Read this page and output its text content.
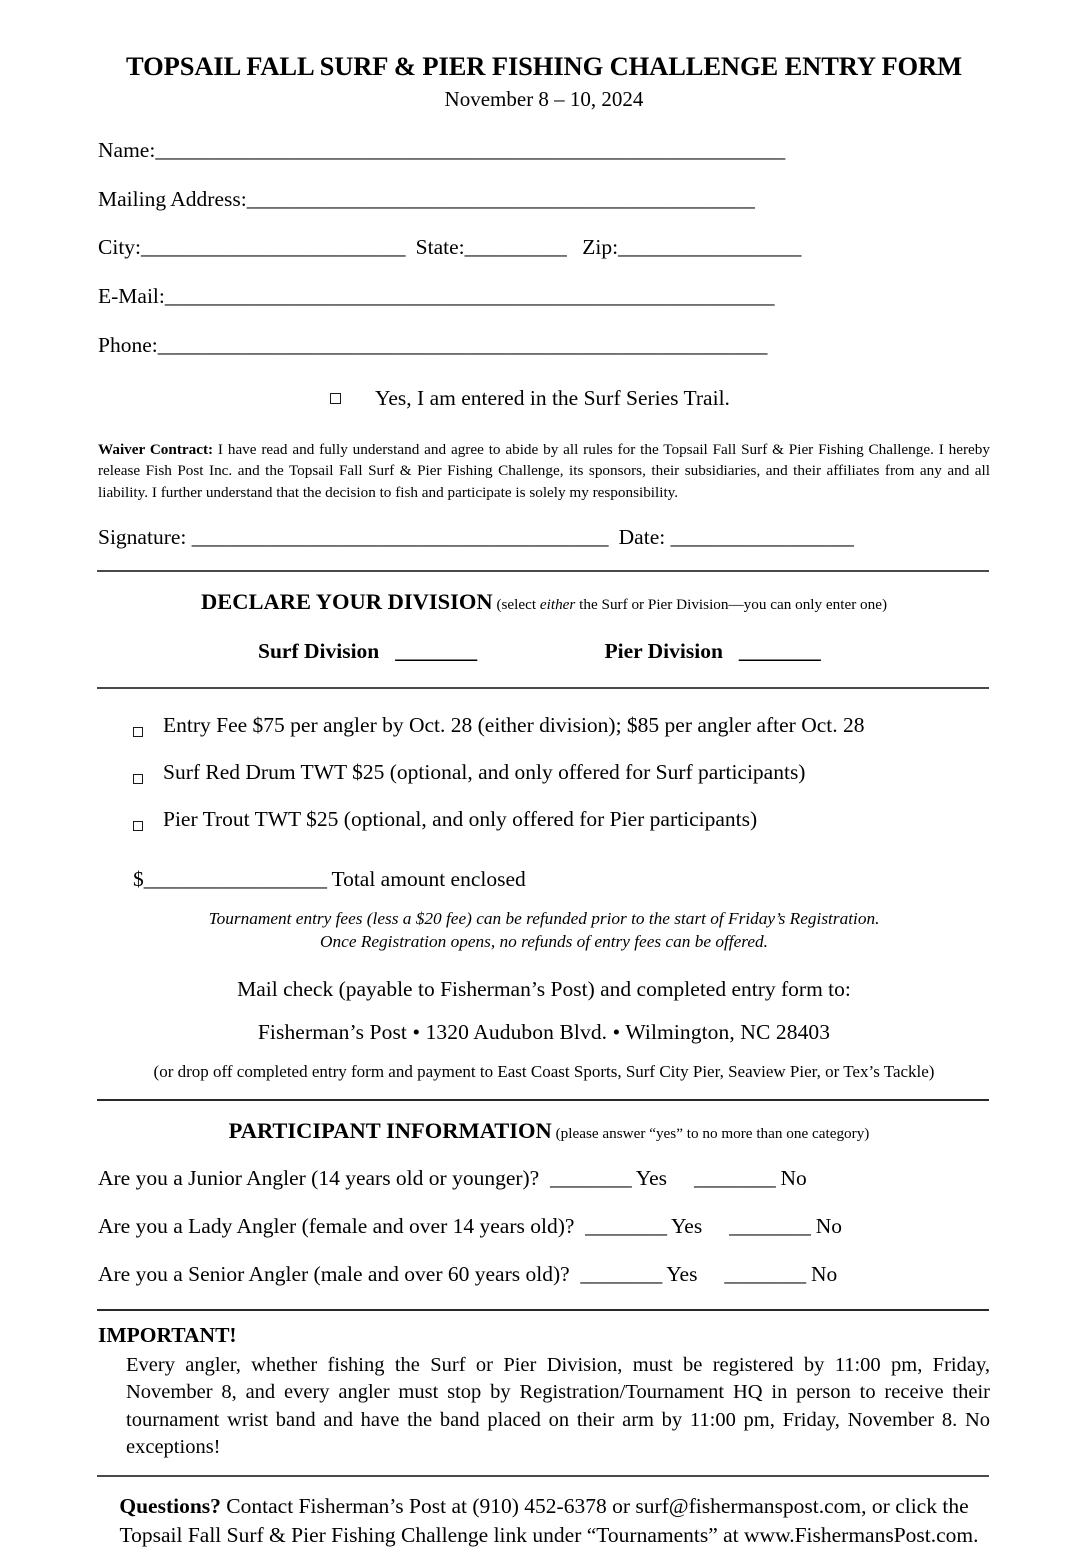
TOPSAIL FALL SURF & PIER FISHING CHALLENGE ENTRY FORM
November 8 – 10, 2024
Name:______________________________________________________________
Mailing Address:__________________________________________________
City:__________________________ State:__________ Zip:__________________
E-Mail:____________________________________________________________
Phone:____________________________________________________________
Yes, I am entered in the Surf Series Trail.
Waiver Contract: I have read and fully understand and agree to abide by all rules for the Topsail Fall Surf & Pier Fishing Challenge. I hereby release Fish Post Inc. and the Topsail Fall Surf & Pier Fishing Challenge, its sponsors, their subsidiaries, and their affiliates from any and all liability. I further understand that the decision to fish and participate is solely my responsibility.
Signature: _________________________________________ Date: __________________
DECLARE YOUR DIVISION (select either the Surf or Pier Division—you can only enter one)
Surf Division ________	Pier Division ________
Entry Fee $75 per angler by Oct. 28 (either division); $85 per angler after Oct. 28
Surf Red Drum TWT $25 (optional, and only offered for Surf participants)
Pier Trout TWT $25 (optional, and only offered for Pier participants)
$__________________ Total amount enclosed
Tournament entry fees (less a $20 fee) can be refunded prior to the start of Friday’s Registration.
Once Registration opens, no refunds of entry fees can be offered.
Mail check (payable to Fisherman’s Post) and completed entry form to:
Fisherman’s Post • 1320 Audubon Blvd. • Wilmington, NC 28403
(or drop off completed entry form and payment to East Coast Sports, Surf City Pier, Seaview Pier, or Tex’s Tackle)
PARTICIPANT INFORMATION (please answer “yes” to no more than one category)
Are you a Junior Angler (14 years old or younger)? ________ Yes ________ No
Are you a Lady Angler (female and over 14 years old)? ________ Yes ________ No
Are you a Senior Angler (male and over 60 years old)? ________ Yes ________ No
IMPORTANT!
Every angler, whether fishing the Surf or Pier Division, must be registered by 11:00 pm, Friday, November 8, and every angler must stop by Registration/Tournament HQ in person to receive their tournament wrist band and have the band placed on their arm by 11:00 pm, Friday, November 8. No exceptions!
Questions? Contact Fisherman’s Post at (910) 452-6378 or surf@fishermanspost.com, or click the
Topsail Fall Surf & Pier Fishing Challenge link under “Tournaments” at www.FishermansPost.com.
